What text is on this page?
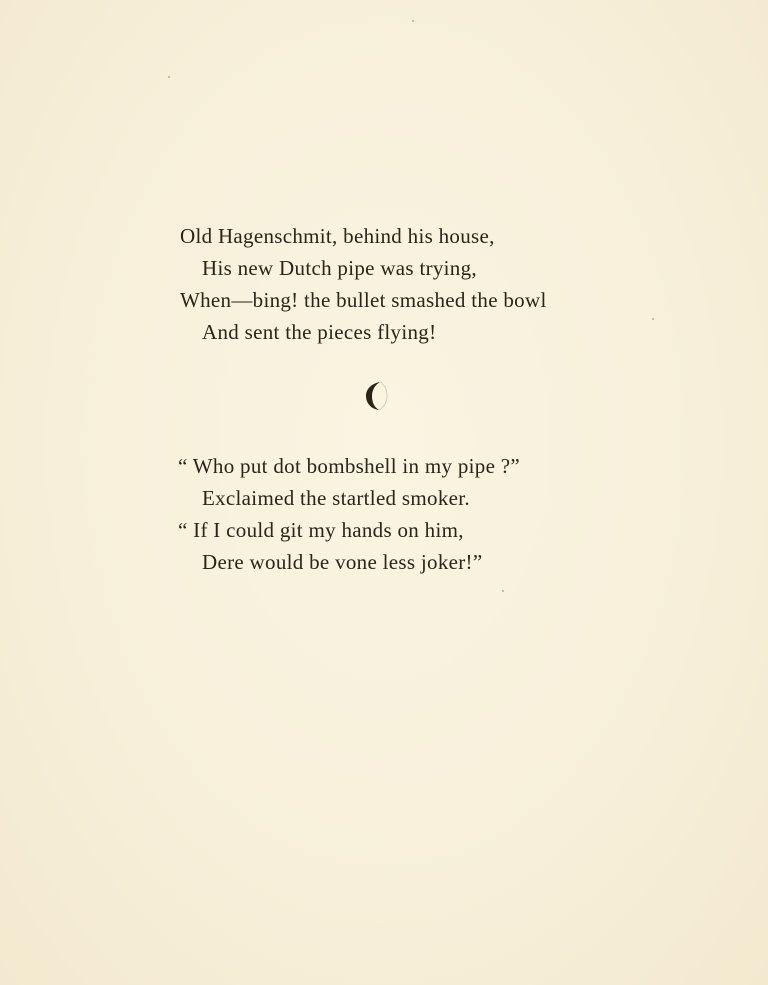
Old Hagenschmit, behind his house,
His new Dutch pipe was trying,
When—bing! the bullet smashed the bowl
And sent the pieces flying!
“ Who put dot bombshell in my pipe ?”
Exclaimed the startled smoker.
“ If I could git my hands on him,
Dere would be vone less joker!”
